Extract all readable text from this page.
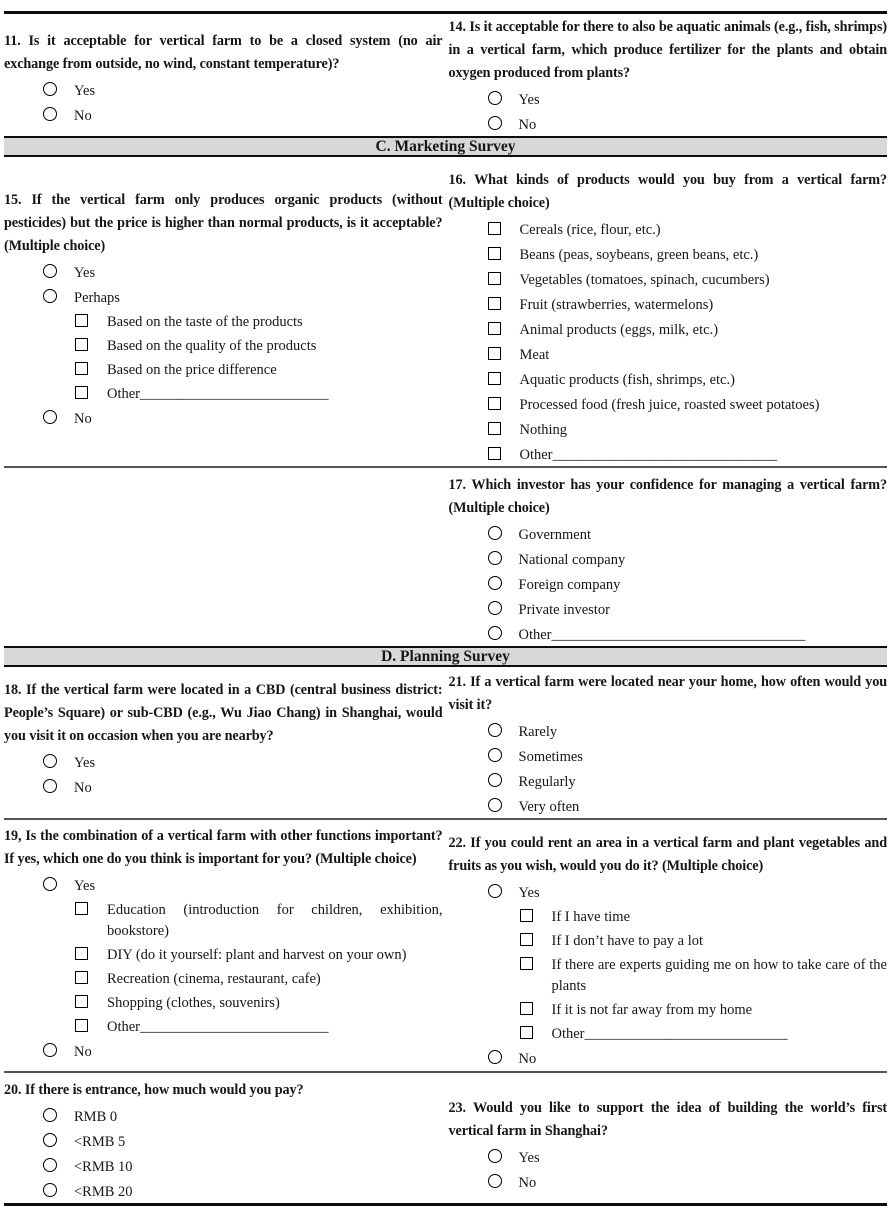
11. Is it acceptable for vertical farm to be a closed system (no air exchange from outside, no wind, constant temperature)?

Yes
No

14. Is it acceptable for there to also be aquatic animals (e.g., fish, shrimps) in a vertical farm, which produce fertilizer for the plants and obtain oxygen produced from plants?

Yes
No
C. Marketing Survey

15. If the vertical farm only produces organic products (without pesticides) but the price is higher than normal products, is it acceptable? (Multiple choice)

Yes
Perhaps
Based on the taste of the products
Based on the quality of the products
Based on the price difference
Other__________________________
No

16. What kinds of products would you buy from a vertical farm? (Multiple choice)

Cereals (rice, flour, etc.)
Beans (peas, soybeans, green beans, etc.)
Vegetables (tomatoes, spinach, cucumbers)
Fruit (strawberries, watermelons)
Animal products (eggs, milk, etc.)
Meat
Aquatic products (fish, shrimps, etc.)
Processed food (fresh juice, roasted sweet potatoes)
Nothing
Other_______________________________

17. Which investor has your confidence for managing a vertical farm? (Multiple choice)

Government
National company
Foreign company
Private investor
Other___________________________________
D. Planning Survey

18. If the vertical farm were located in a CBD (central business district: People’s Square) or sub-CBD (e.g., Wu Jiao Chang) in Shanghai, would you visit it on occasion when you are nearby?

Yes
No

21. If a vertical farm were located near your home, how often would you visit it?

Rarely
Sometimes
Regularly
Very often

19, Is the combination of a vertical farm with other functions important? If yes, which one do you think is important for you? (Multiple choice)

Yes
Education (introduction for children, exhibition, bookstore)
DIY (do it yourself: plant and harvest on your own)
Recreation (cinema, restaurant, cafe)
Shopping (clothes, souvenirs)
Other__________________________
No

22. If you could rent an area in a vertical farm and plant vegetables and fruits as you wish, would you do it? (Multiple choice)

Yes
If I have time
If I don’t have to pay a lot
If there are experts guiding me on how to take care of the plants
If it is not far away from my home
Other____________________________
No

20. If there is entrance, how much would you pay?

RMB 0
<RMB 5
<RMB 10
<RMB 20

23. Would you like to support the idea of building the world’s first vertical farm in Shanghai?

Yes
No
